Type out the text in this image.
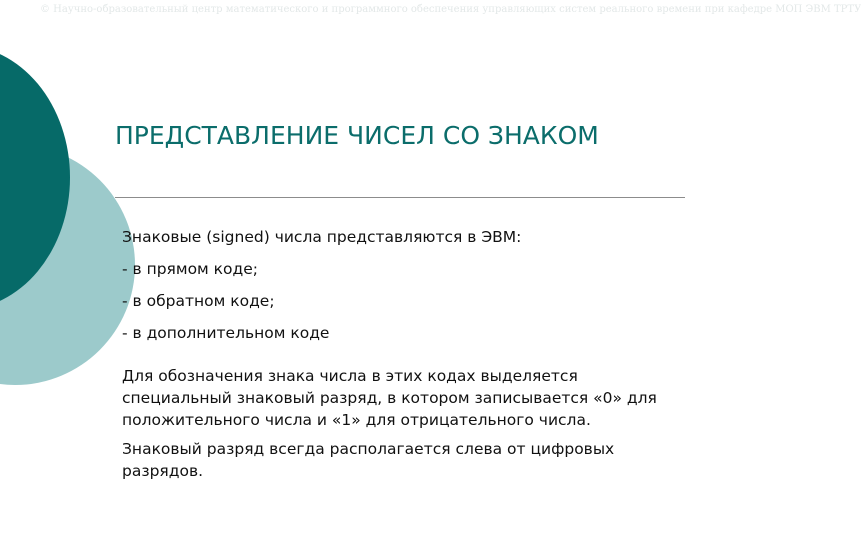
© Научно-образовательный центр математического и программного обеспечения управляющих систем реального времени при кафедре МОП ЭВМ ТРТУ
ПРЕДСТАВЛЕНИЕ ЧИСЕЛ СО ЗНАКОМ

Знаковые (signed) числа представляются в ЭВМ:

- в прямом коде;

- в обратном коде;

- в дополнительном коде

Для обозначения знака числа в этих кодах выделяется специальный знаковый разряд, в котором записывается «0» для положительного числа и «1» для отрицательного числа.

Знаковый разряд всегда располагается слева от цифровых разрядов.
